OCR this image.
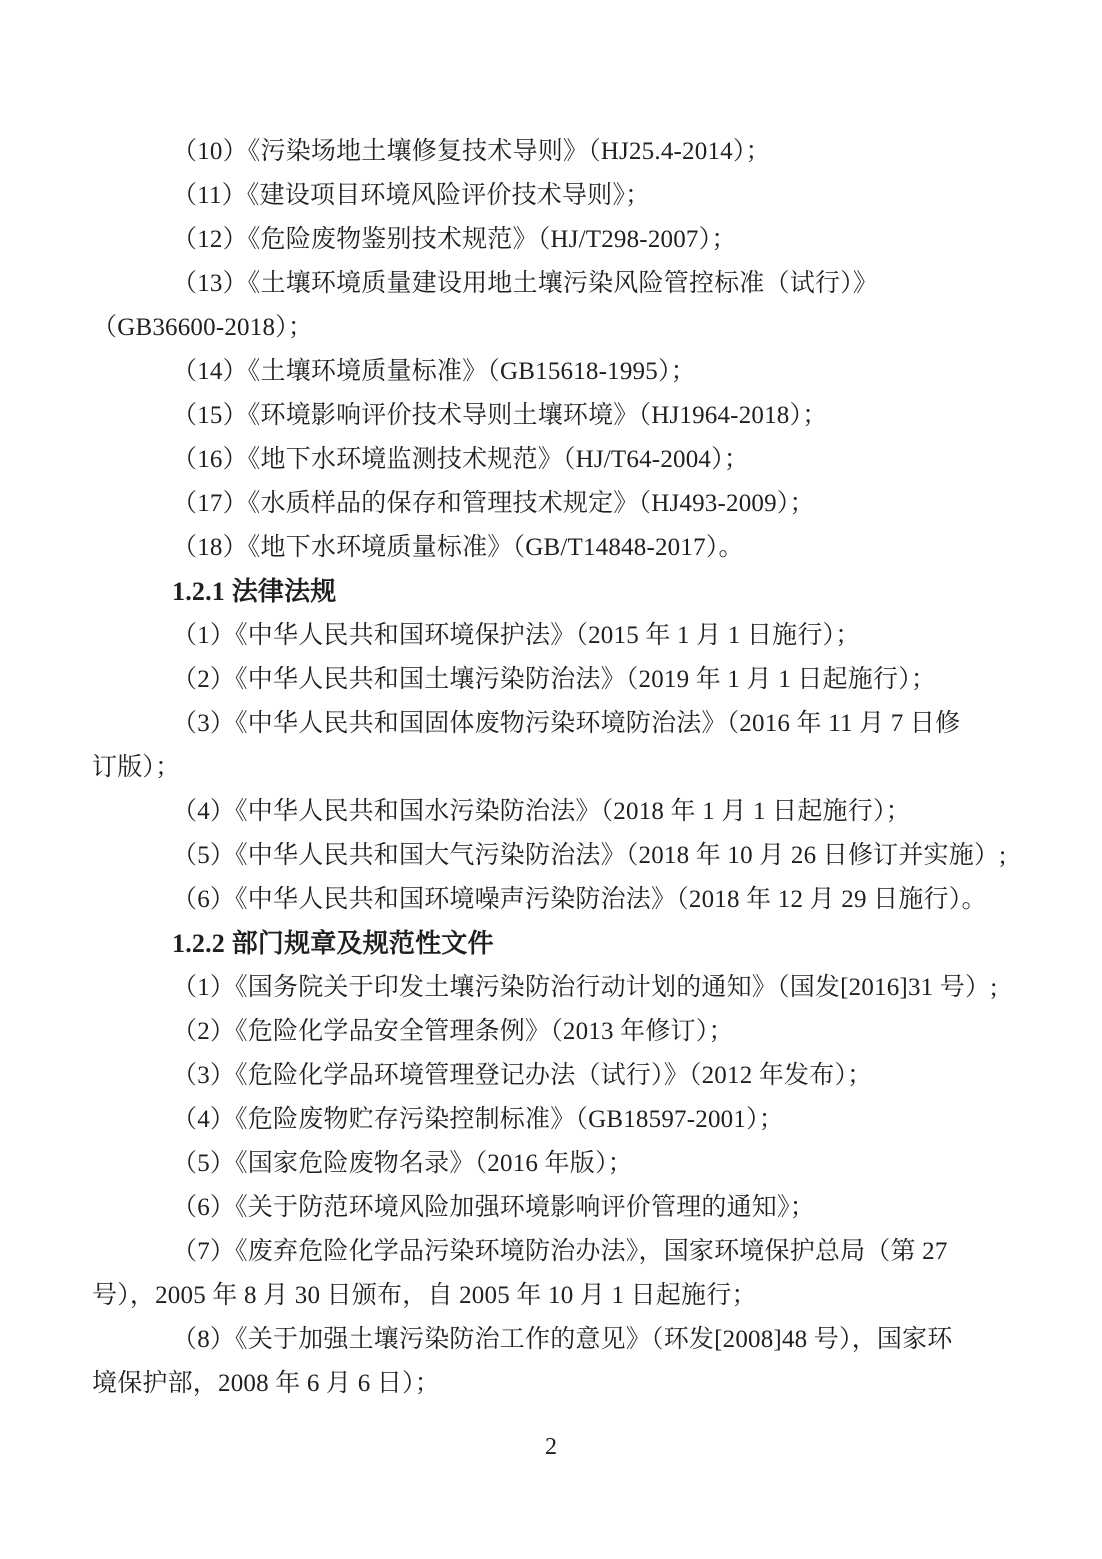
（10）《污染场地土壤修复技术导则》（HJ25.4-2014）；
（11）《建设项目环境风险评价技术导则》；
（12）《危险废物鉴别技术规范》（HJ/T298-2007）；
（13）《土壤环境质量建设用地土壤污染风险管控标准（试行）》
（GB36600-2018）；
（14）《土壤环境质量标准》（GB15618-1995）；
（15）《环境影响评价技术导则土壤环境》（HJ1964-2018）；
（16）《地下水环境监测技术规范》（HJ/T64-2004）；
（17）《水质样品的保存和管理技术规定》（HJ493-2009）；
（18）《地下水环境质量标准》（GB/T14848-2017）。
1.2.1 法律法规
（1）《中华人民共和国环境保护法》（2015 年 1 月 1 日施行）；
（2）《中华人民共和国土壤污染防治法》（2019 年 1 月 1 日起施行）；
（3）《中华人民共和国固体废物污染环境防治法》（2016 年 11 月 7 日修
订版）；
（4）《中华人民共和国水污染防治法》（2018 年 1 月 1 日起施行）；
（5）《中华人民共和国大气污染防治法》（2018 年 10 月 26 日修订并实施）;
（6）《中华人民共和国环境噪声污染防治法》（2018 年 12 月 29 日施行）。
1.2.2 部门规章及规范性文件
（1）《国务院关于印发土壤污染防治行动计划的通知》（国发[2016]31 号）;
（2）《危险化学品安全管理条例》（2013 年修订）；
（3）《危险化学品环境管理登记办法（试行）》（2012 年发布）；
（4）《危险废物贮存污染控制标准》（GB18597-2001）；
（5）《国家危险废物名录》（2016 年版）；
（6）《关于防范环境风险加强环境影响评价管理的通知》；
（7）《废弃危险化学品污染环境防治办法》，国家环境保护总局（第 27
号），2005 年 8 月 30 日颁布，自 2005 年 10 月 1 日起施行；
（8）《关于加强土壤污染防治工作的意见》（环发[2008]48 号），国家环
境保护部，2008 年 6 月 6 日）；
2
